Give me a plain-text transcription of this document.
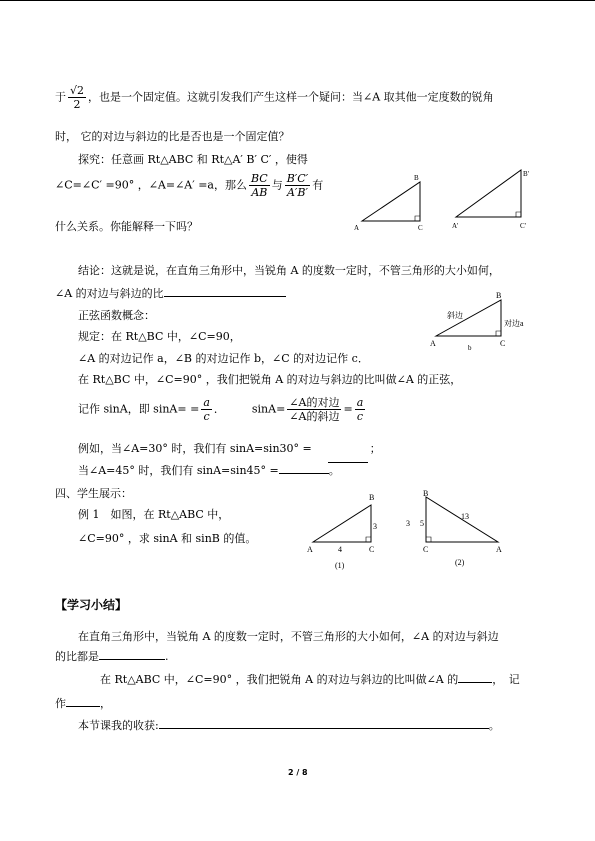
于 $\frac{√2}{2}$ ，也是一个固定值。这就引发我们产生这样一个疑问：当∠A 取其他一定度数的锐角
时， 它的对边与斜边的比是否也是一个固定值？
探究：任意画 Rt△ABC 和 Rt△A′ B′ C′ ，使得
∠C=∠C′ =90° ，∠A=∠A′ =a，那么 $\frac{BC}{AB}$ 与 $\frac{B'C'}{A'B'}$ 有
什么关系。你能解释一下吗？
B
A	C
B'
A'	C'
结论：这就是说，在直角三角形中，当锐角 A 的度数一定时，不管三角形的大小如何，
∠A 的对边与斜边的比
正弦函数概念：
规定：在 Rt△BC 中，∠C=90，
∠A 的对边记作 a，∠B 的对边记作 b，∠C 的对边记作 c．
在 Rt△BC 中，∠C=90° ，我们把锐角 A 的对边与斜边的比叫做∠A 的正弦，
记作 sinA，即 $\sin A= = \frac{a}{c}$ ． $\sin A= \frac{\text{∠A的对边}}{\text{∠A的斜边}} = \frac{a}{c}$
B
A	C
b
斜边
对边a
例如，当∠A=30° 时，我们有 sinA=sin30° =	；
当∠A=45° 时，我们有 sinA=sin45° =	。
四、学生展示：
例 1　如图，在 Rt△ABC 中，
∠C=90° ，求 sinA 和 sinB 的值。
B
A	C
3
4
(1)
B
C	A
3 5
13
(2)
【学习小结】
在直角三角形中，当锐角 A 的度数一定时，不管三角形的大小如何，∠A 的对边与斜边
的比都是	.
在 Rt△ABC 中，∠C=90° ，我们把锐角 A 的对边与斜边的比叫做∠A 的	，　记
作	，
本节课我的收获:	。
2 / 8
